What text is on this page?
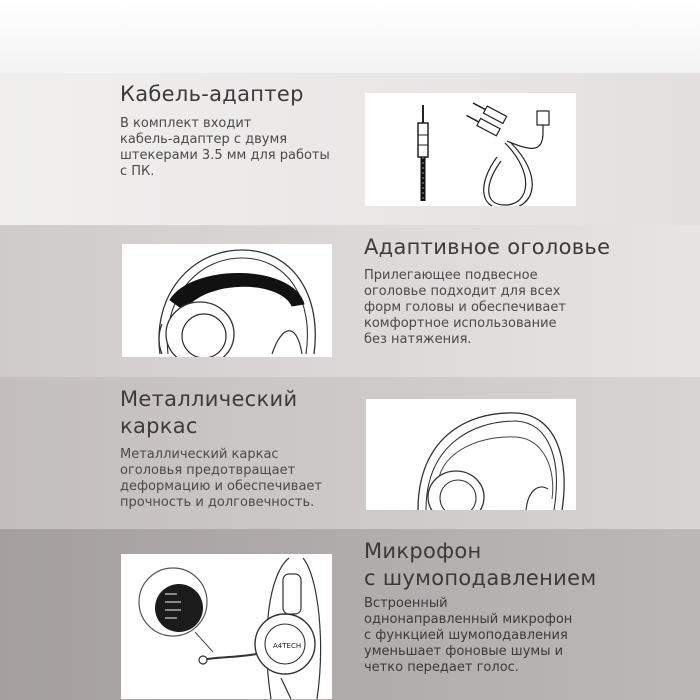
Кабель-адаптер
В комплект входит
кабель-адаптер с двумя
штекерами 3.5 мм для работы
с ПК.
Адаптивное оголовье
Прилегающее подвесное
оголовье подходит для всех
форм головы и обеспечивает
комфортное использование
без натяжения.
Металлический
каркас
Металлический каркас
оголовья предотвращает
деформацию и обеспечивает
прочность и долговечность.
A4TECH
Микрофон
с шумоподавлением
Встроенный
однонаправленный микрофон
с функцией шумоподавления
уменьшает фоновые шумы и
четко передает голос.
